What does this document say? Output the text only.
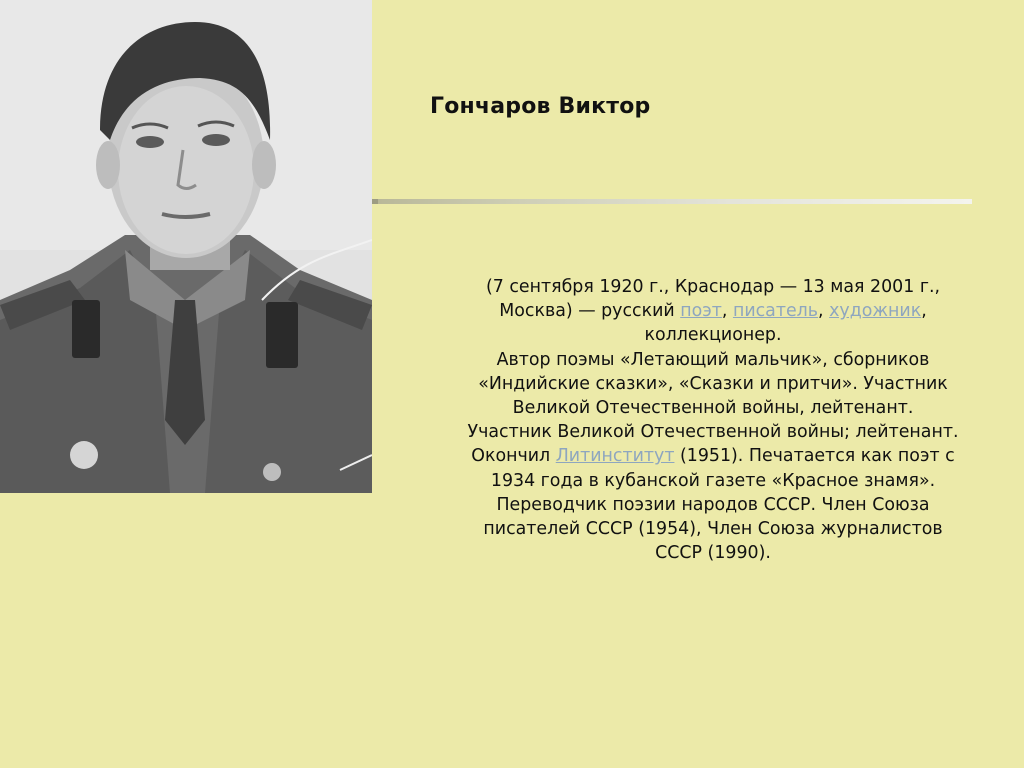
Гончаров Виктор

(7 сентября 1920 г., Краснодар — 13 мая 2001 г., Москва) — русский поэт, писатель, художник, коллекционер.

Автор поэмы «Летающий мальчик», сборников «Индийские сказки», «Сказки и притчи». Участник Великой Отечественной войны, лейтенант.

Участник Великой Отечественной войны; лейтенант.

Окончил Литинститут (1951). Печатается как поэт с 1934 года в кубанской газете «Красное знамя». Переводчик поэзии народов СССР. Член Союза писателей СССР (1954), Член Союза журналистов СССР (1990).
